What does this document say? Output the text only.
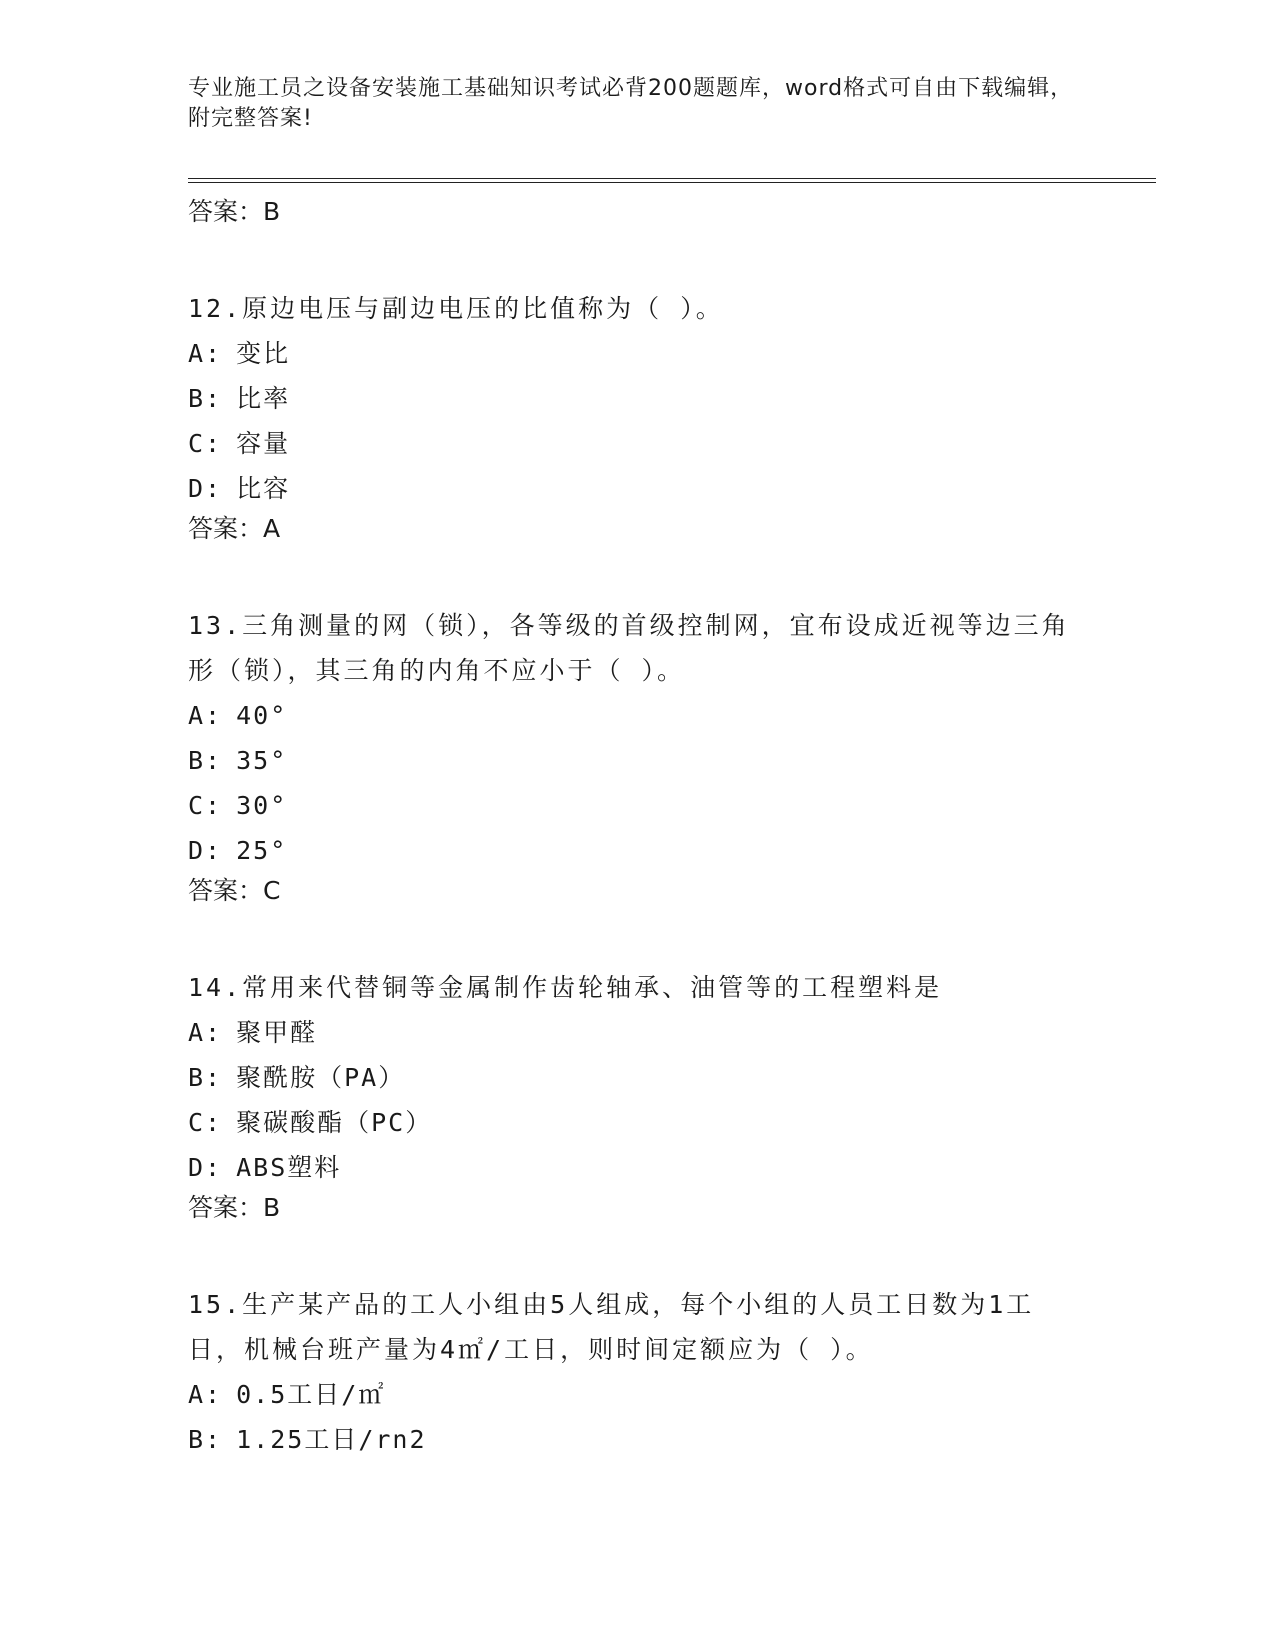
专业施工员之设备安装施工基础知识考试必背200题题库，word格式可自由下载编辑，附完整答案!
答案：B
12.原边电压与副边电压的比值称为（ ）。
A: 变比
B: 比率
C: 容量
D: 比容
答案：A
13.三角测量的网（锁），各等级的首级控制网，宜布设成近视等边三角形（锁），其三角的内角不应小于（ ）。
A: 40°
B: 35°
C: 30°
D: 25°
答案：C
14.常用来代替铜等金属制作齿轮轴承、油管等的工程塑料是
A: 聚甲醛
B: 聚酰胺（PA）
C: 聚碳酸酯（PC）
D: ABS塑料
答案：B
15.生产某产品的工人小组由5人组成，每个小组的人员工日数为1工日，机械台班产量为4㎡/工日，则时间定额应为（ ）。
A: 0.5工日/㎡
B: 1.25工日/rn2
